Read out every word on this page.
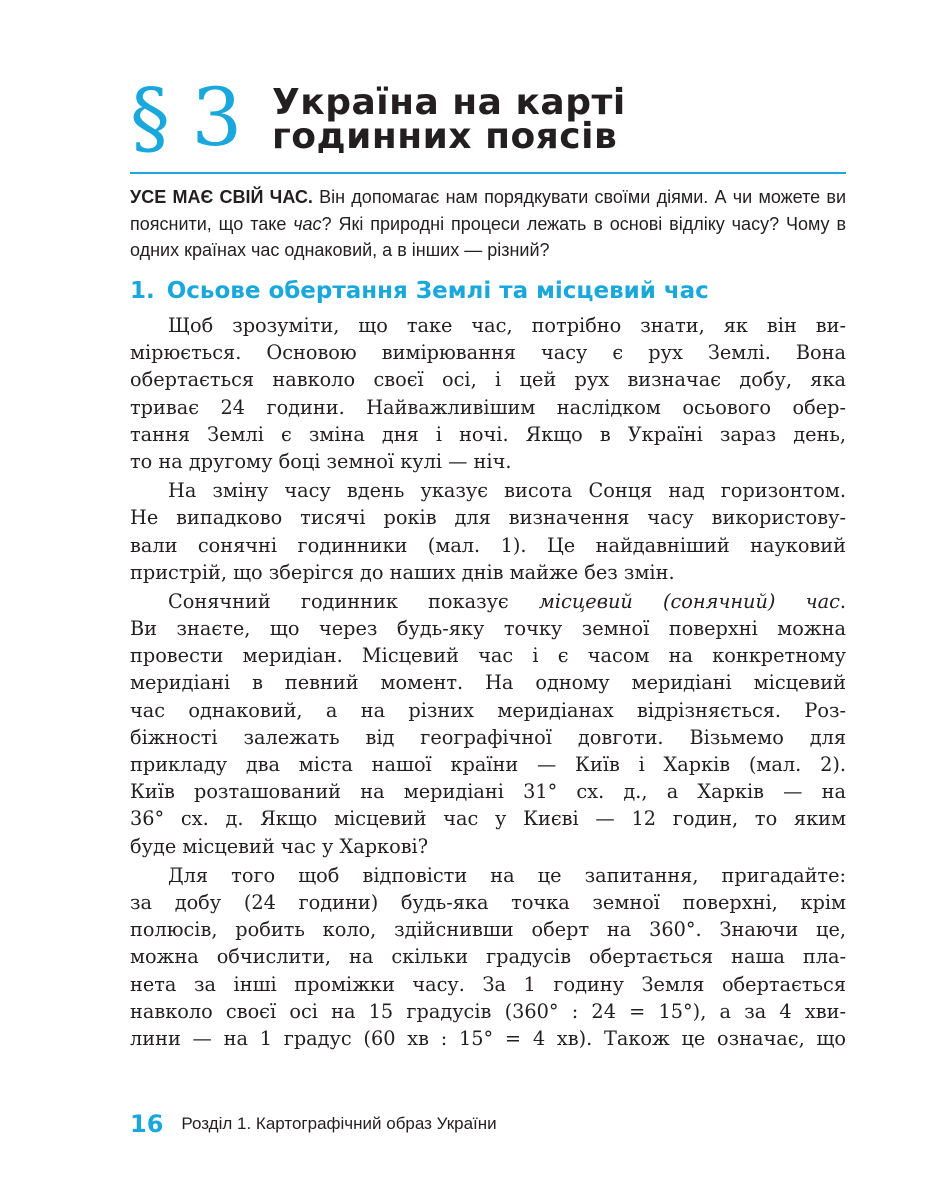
§ 3 Україна на карті
годинних поясів
УСЕ МАЄ СВІЙ ЧАС. Він допомагає нам порядкувати своїми діями. А чи можете ви пояснити, що таке час? Які природні процеси лежать в основі відліку часу? Чому в одних країнах час однаковий, а в інших — різний?
1. Осьове обертання Землі та місцевий час
Щоб зрозуміти, що таке час, потрібно знати, як він ви-
мірюється. Основою вимірювання часу є рух Землі. Вона
обертається навколо своєї осі, і цей рух визначає добу, яка
триває 24 години. Найважливішим наслідком осьового обер-
тання Землі є зміна дня і ночі. Якщо в Україні зараз день,
то на другому боці земної кулі — ніч.
На зміну часу вдень указує висота Сонця над горизонтом.
Не випадково тисячі років для визначення часу використову-
вали сонячні годинники (мал. 1). Це найдавніший науковий
пристрій, що зберігся до наших днів майже без змін.
Сонячний годинник показує місцевий (сонячний) час.
Ви знаєте, що через будь-яку точку земної поверхні можна
провести меридіан. Місцевий час і є часом на конкретному
меридіані в певний момент. На одному меридіані місцевий
час однаковий, а на різних меридіанах відрізняється. Роз-
біжності залежать від географічної довготи. Візьмемо для
прикладу два міста нашої країни — Київ і Харків (мал. 2).
Київ розташований на меридіані 31° сх. д., а Харків — на
36° сх. д. Якщо місцевий час у Києві — 12 годин, то яким
буде місцевий час у Харкові?
Для того щоб відповісти на це запитання, пригадайте:
за добу (24 години) будь-яка точка земної поверхні, крім
полюсів, робить коло, здійснивши оберт на 360°. Знаючи це,
можна обчислити, на скільки градусів обертається наша пла-
нета за інші проміжки часу. За 1 годину Земля обертається
навколо своєї осі на 15 градусів (360° : 24 = 15°), а за 4 хви-
лини — на 1 градус (60 хв : 15° = 4 хв). Також це означає, що
16 Розділ 1. Картографічний образ України
